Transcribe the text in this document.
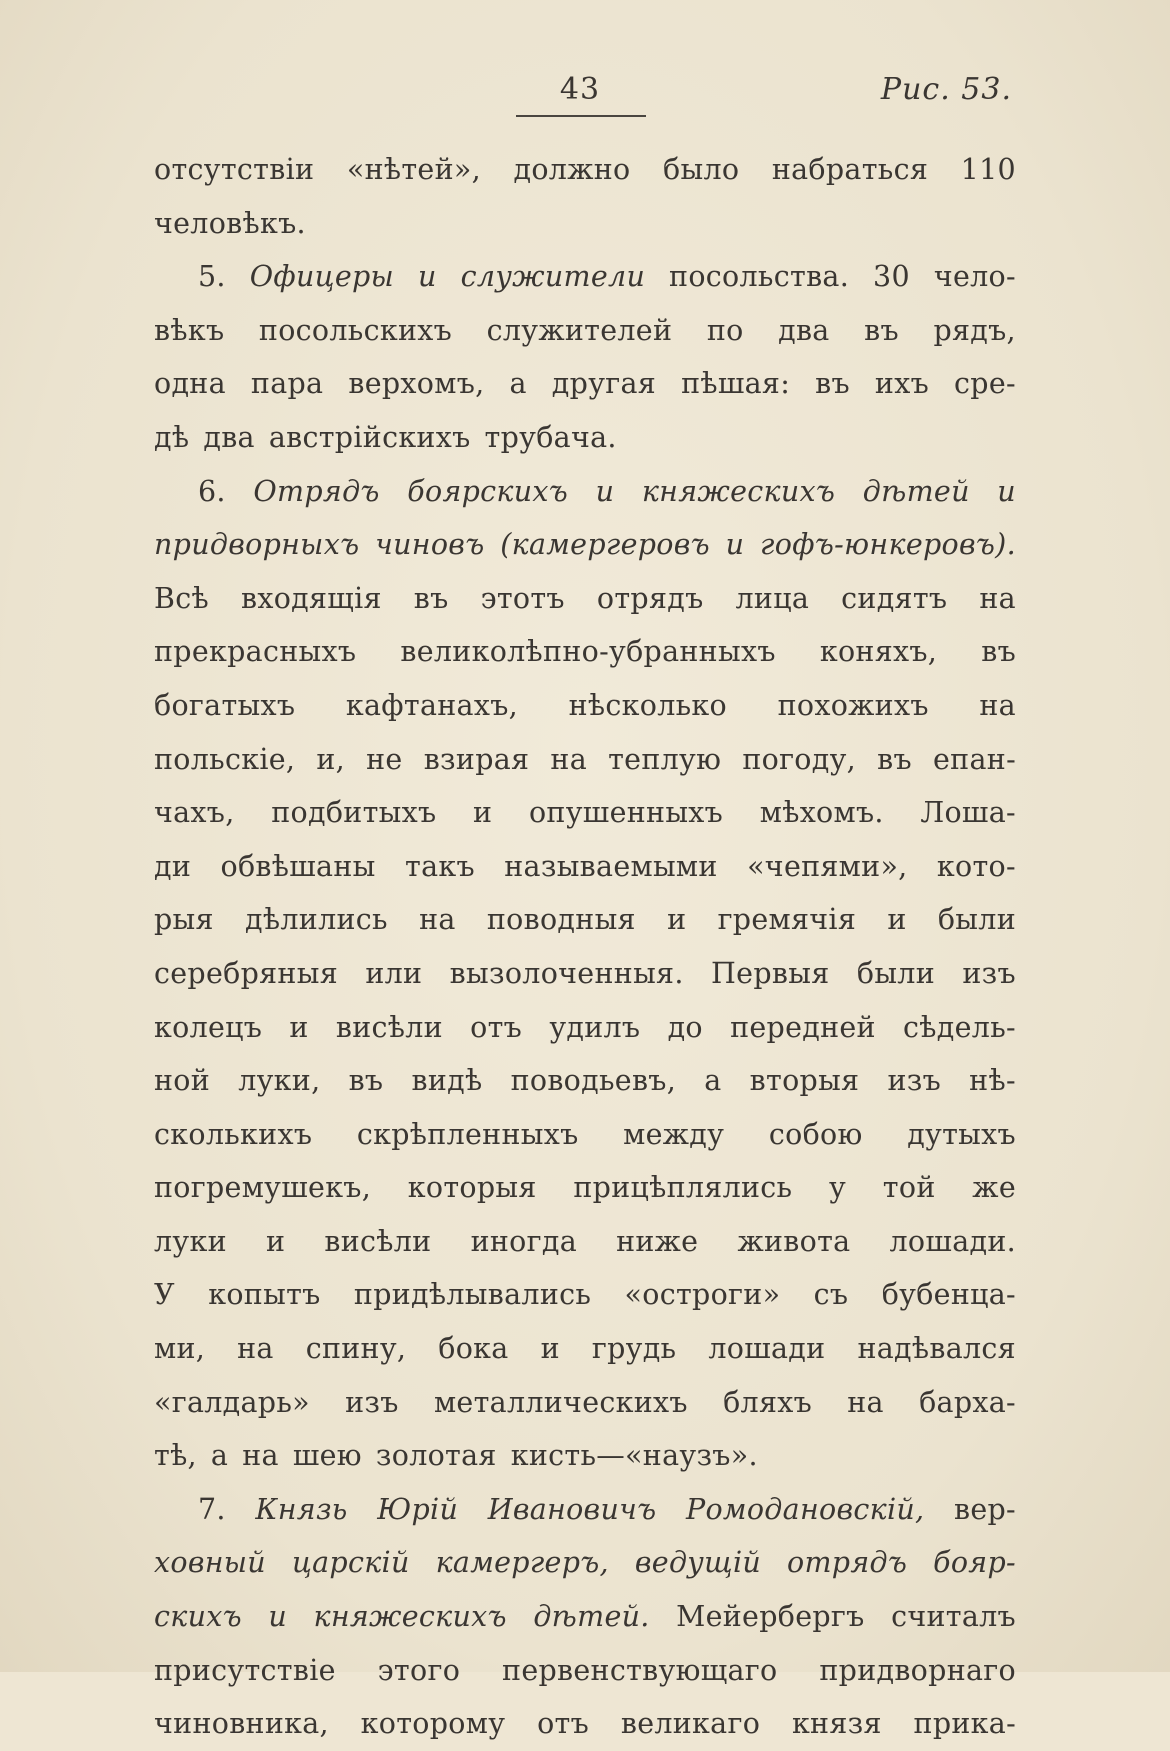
43	Рис. 53.
отсутствіи «нѣтей», должно было набраться 110
человѣкъ.
5. Офицеры и служители посольства. 30 чело-
вѣкъ посольскихъ служителей по два въ рядъ,
одна пара верхомъ, а другая пѣшая: въ ихъ сре-
дѣ два австрійскихъ трубача.
6. Отрядъ боярскихъ и княжескихъ дѣтей и
придворныхъ чиновъ (камергеровъ и гофъ-юнкеровъ).
Всѣ входящія въ этотъ отрядъ лица сидятъ на
прекрасныхъ великолѣпно-убранныхъ коняхъ, въ
богатыхъ кафтанахъ, нѣсколько похожихъ на
польскіе, и, не взирая на теплую погоду, въ епан-
чахъ, подбитыхъ и опушенныхъ мѣхомъ. Лоша-
ди обвѣшаны такъ называемыми «чепями», кото-
рыя дѣлились на поводныя и гремячія и были
серебряныя или вызолоченныя. Первыя были изъ
колецъ и висѣли отъ удилъ до передней сѣдель-
ной луки, въ видѣ поводьевъ, а вторыя изъ нѣ-
сколькихъ скрѣпленныхъ между собою дутыхъ
погремушекъ, которыя прицѣплялись у той же
луки и висѣли иногда ниже живота лошади.
У копытъ придѣлывались «остроги» съ бубенца-
ми, на спину, бока и грудь лошади надѣвался
«галдарь» изъ металлическихъ бляхъ на бархa-
тѣ, а на шею золотая кисть—«наузъ».
7. Князь Юрій Ивановичъ Ромодановскій, вер-
ховный царскій камергеръ, ведущій отрядъ бояр-
скихъ и княжескихъ дѣтей. Мейербергъ считалъ
присутствіе этого первенствующаго придворнаго
чиновника, которому отъ великаго князя прика-
